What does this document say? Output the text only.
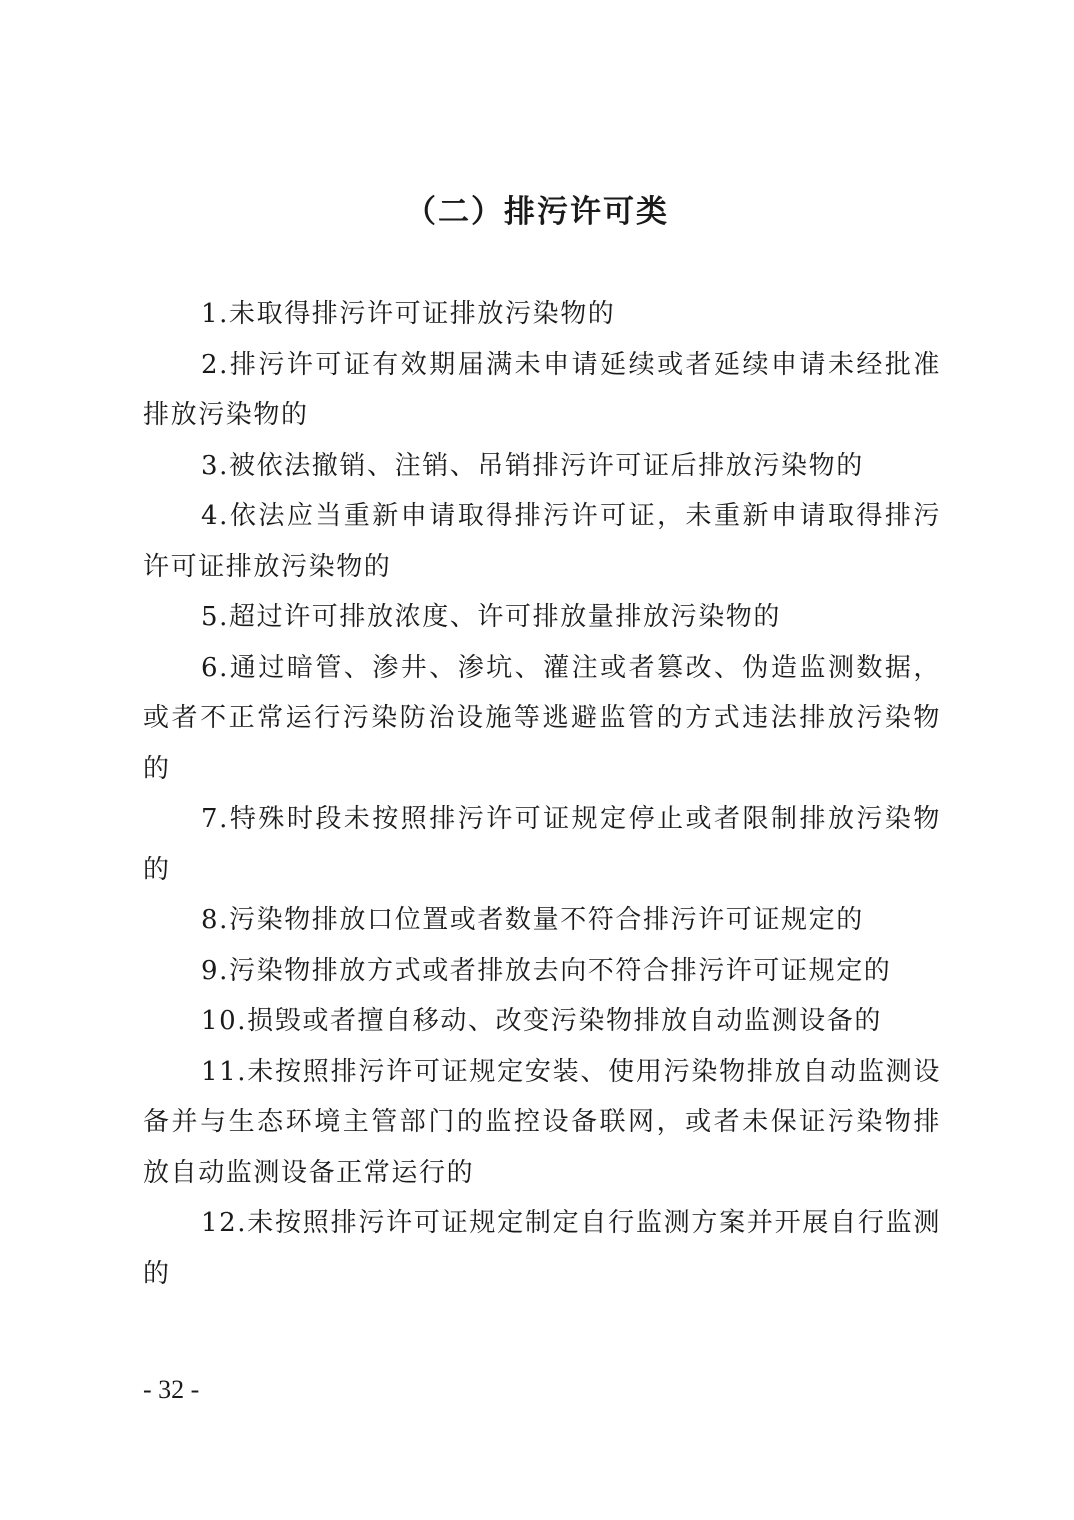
（二）排污许可类
1.未取得排污许可证排放污染物的
2.排污许可证有效期届满未申请延续或者延续申请未经批准排放污染物的
3.被依法撤销、注销、吊销排污许可证后排放污染物的
4.依法应当重新申请取得排污许可证，未重新申请取得排污许可证排放污染物的
5.超过许可排放浓度、许可排放量排放污染物的
6.通过暗管、渗井、渗坑、灌注或者篡改、伪造监测数据，或者不正常运行污染防治设施等逃避监管的方式违法排放污染物的
7.特殊时段未按照排污许可证规定停止或者限制排放污染物的
8.污染物排放口位置或者数量不符合排污许可证规定的
9.污染物排放方式或者排放去向不符合排污许可证规定的
10.损毁或者擅自移动、改变污染物排放自动监测设备的
11.未按照排污许可证规定安装、使用污染物排放自动监测设备并与生态环境主管部门的监控设备联网，或者未保证污染物排放自动监测设备正常运行的
12.未按照排污许可证规定制定自行监测方案并开展自行监测的
- 32 -
